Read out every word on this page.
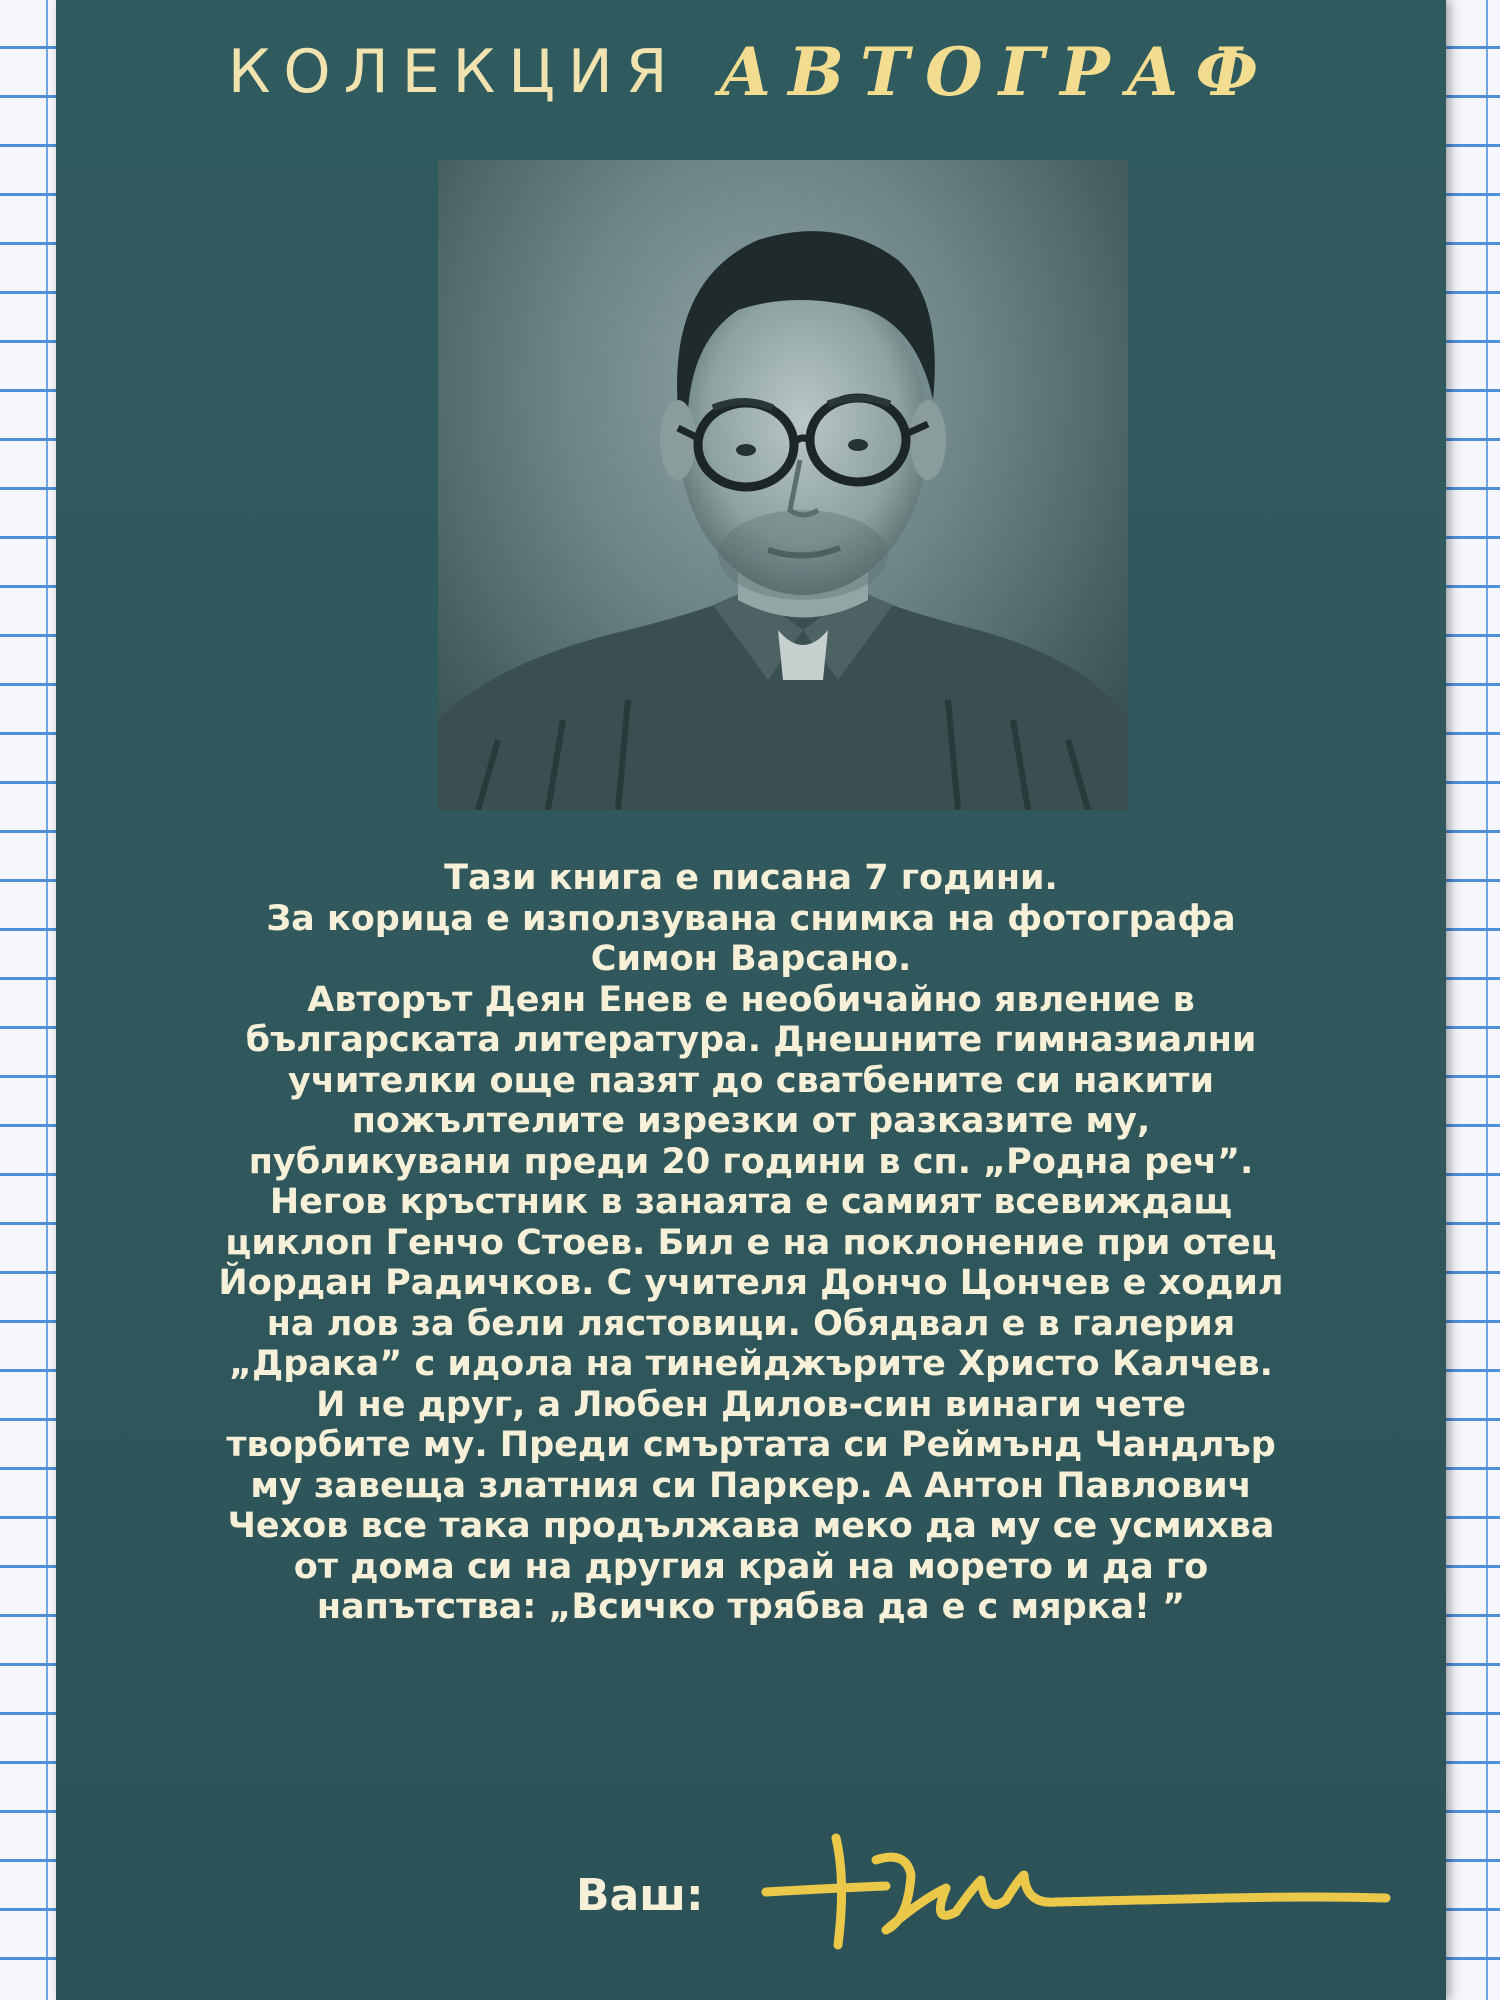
КОЛЕКЦИЯ АВТОГРАФ

Тази книга е писана 7 години.

За корица е използувана снимка на фотографа

Симон Варсано.

Авторът Деян Енев е необичайно явление в

българската литература. Днешните гимназиални

учителки още пазят до сватбените си накити

пожълтелите изрезки от разказите му,

публикувани преди 20 години в сп. „Родна реч”.

Негов кръстник в занаята е самият всевиждащ

циклоп Генчо Стоев. Бил е на поклонение при отец

Йордан Радичков. С учителя Дончо Цончев е ходил

на лов за бели лястовици. Обядвал е в галерия

„Дрaка” с идола на тинейджърите Христо Калчев.

И не друг, а Любен Дилов-син винаги чете

творбите му. Преди смъртата си Реймънд Чандлър

му завеща златния си Паркер. А Антон Павлович

Чехов все така продължава меко да му се усмихва

от дома си на другия край на морето и да го

напътства: „Всичко трябва да е с мярка! ”

Ваш:
